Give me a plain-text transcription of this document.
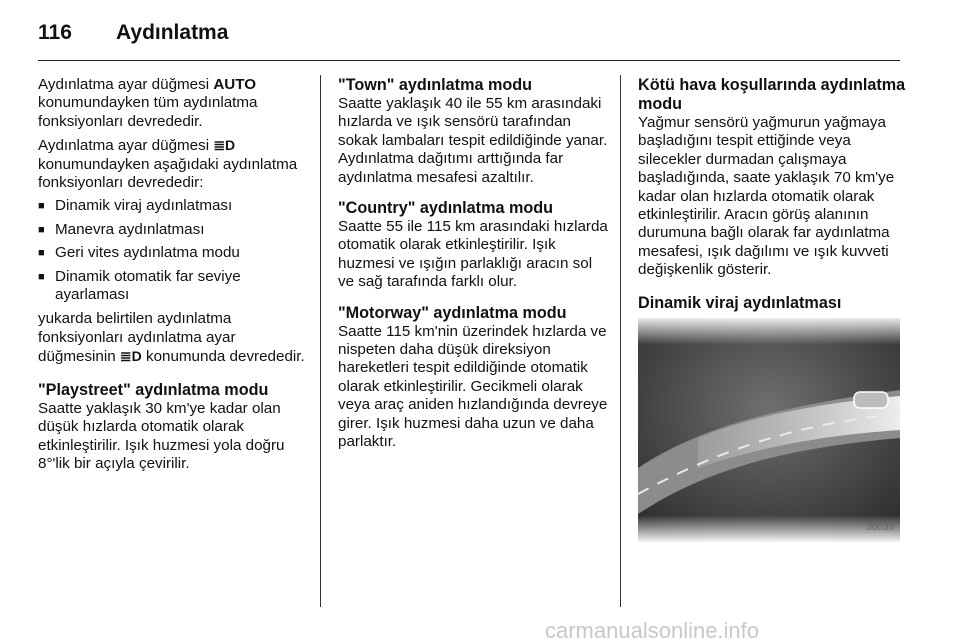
116	Aydınlatma

Aydınlatma ayar düğmesi AUTO konumundayken tüm aydınlatma fonksiyonları devrededir.

Aydınlatma ayar düğmesi ≣D konumundayken aşağıdaki aydınlatma fonksiyonları devrededir:

■ Dinamik viraj aydınlatması
■ Manevra aydınlatması
■ Geri vites aydınlatma modu
■ Dinamik otomatik far seviye ayarlaması

yukarda belirtilen aydınlatma fonksiyonları aydınlatma ayar düğmesinin ≣D konumunda devrededir.

"Playstreet" aydınlatma modu

Saatte yaklaşık 30 km'ye kadar olan düşük hızlarda otomatik olarak etkinleştirilir. Işık huzmesi yola doğru 8°'lik bir açıyla çevirilir.

"Town" aydınlatma modu

Saatte yaklaşık 40 ile 55 km arasındaki hızlarda ve ışık sensörü tarafından sokak lambaları tespit edildiğinde yanar. Aydınlatma dağıtımı arttığında far aydınlatma mesafesi azaltılır.

"Country" aydınlatma modu

Saatte 55 ile 115 km arasındaki hızlarda otomatik olarak etkinleştirilir. Işık huzmesi ve ışığın parlaklığı aracın sol ve sağ tarafında farklı olur.

"Motorway" aydınlatma modu

Saatte 115 km'nin üzerindek hızlarda ve nispeten daha düşük direksiyon hareketleri tespit edildiğinde otomatik olarak etkinleştirilir. Gecikmeli olarak veya araç aniden hızlandığında devreye girer. Işık huzmesi daha uzun ve daha parlaktır.

Kötü hava koşullarında aydınlatma modu

Yağmur sensörü yağmurun yağmaya başladığını tespit ettiğinde veya silecekler durmadan çalışmaya başladığında, saate yaklaşık 70 km'ye kadar olan hızlarda otomatik olarak etkinleştirilir. Aracın görüş alanının durumuna bağlı olarak far aydınlatma mesafesi, ışık dağılımı ve ışık kuvveti değişkenlik gösterir.

Dinamik viraj aydınlatması
30039
carmanualsonline.info
